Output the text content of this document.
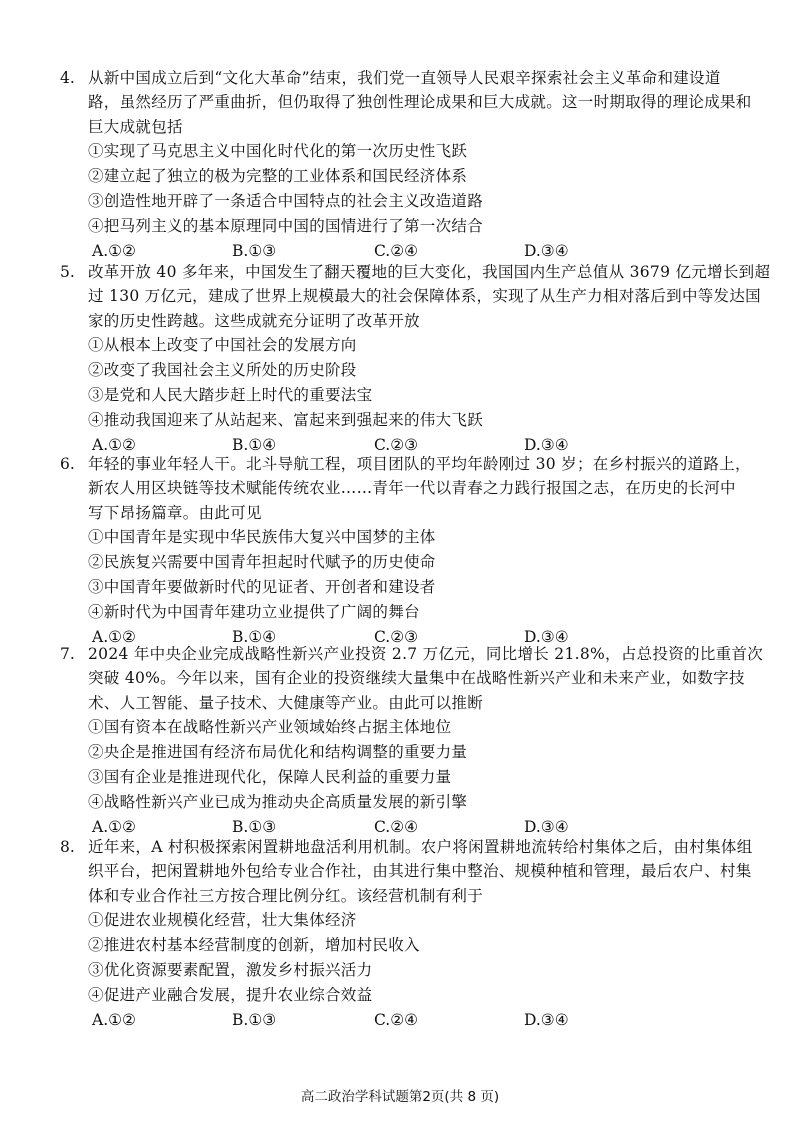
4. 从新中国成立后到“文化大革命”结束，我们党一直领导人民艰辛探索社会主义革命和建设道
路，虽然经历了严重曲折，但仍取得了独创性理论成果和巨大成就。这一时期取得的理论成果和
巨大成就包括
①实现了马克思主义中国化时代化的第一次历史性飞跃
②建立起了独立的极为完整的工业体系和国民经济体系
③创造性地开辟了一条适合中国特点的社会主义改造道路
④把马列主义的基本原理同中国的国情进行了第一次结合
A.①②	B.①③	C.②④	D.③④
5. 改革开放 40 多年来，中国发生了翻天覆地的巨大变化，我国国内生产总值从 3679 亿元增长到超
过 130 万亿元，建成了世界上规模最大的社会保障体系，实现了从生产力相对落后到中等发达国
家的历史性跨越。这些成就充分证明了改革开放
①从根本上改变了中国社会的发展方向
②改变了我国社会主义所处的历史阶段
③是党和人民大踏步赶上时代的重要法宝
④推动我国迎来了从站起来、富起来到强起来的伟大飞跃
A.①②	B.①④	C.②③	D.③④
6. 年轻的事业年轻人干。北斗导航工程，项目团队的平均年龄刚过 30 岁；在乡村振兴的道路上，
新农人用区块链等技术赋能传统农业……青年一代以青春之力践行报国之志，在历史的长河中
写下昂扬篇章。由此可见
①中国青年是实现中华民族伟大复兴中国梦的主体
②民族复兴需要中国青年担起时代赋予的历史使命
③中国青年要做新时代的见证者、开创者和建设者
④新时代为中国青年建功立业提供了广阔的舞台
A.①②	B.①④	C.②③	D.③④
7. 2024 年中央企业完成战略性新兴产业投资 2.7 万亿元，同比增长 21.8%，占总投资的比重首次
突破 40%。今年以来，国有企业的投资继续大量集中在战略性新兴产业和未来产业，如数字技
术、人工智能、量子技术、大健康等产业。由此可以推断
①国有资本在战略性新兴产业领域始终占据主体地位
②央企是推进国有经济布局优化和结构调整的重要力量
③国有企业是推进现代化，保障人民利益的重要力量
④战略性新兴产业已成为推动央企高质量发展的新引擎
A.①②	B.①③	C.②④	D.③④
8. 近年来，A 村积极探索闲置耕地盘活利用机制。农户将闲置耕地流转给村集体之后，由村集体组
织平台，把闲置耕地外包给专业合作社，由其进行集中整治、规模种植和管理，最后农户、村集
体和专业合作社三方按合理比例分红。该经营机制有利于
①促进农业规模化经营，壮大集体经济
②推进农村基本经营制度的创新，增加村民收入
③优化资源要素配置，激发乡村振兴活力
④促进产业融合发展，提升农业综合效益
A.①②	B.①③	C.②④	D.③④
高二政治学科试题第2页(共 8 页)
